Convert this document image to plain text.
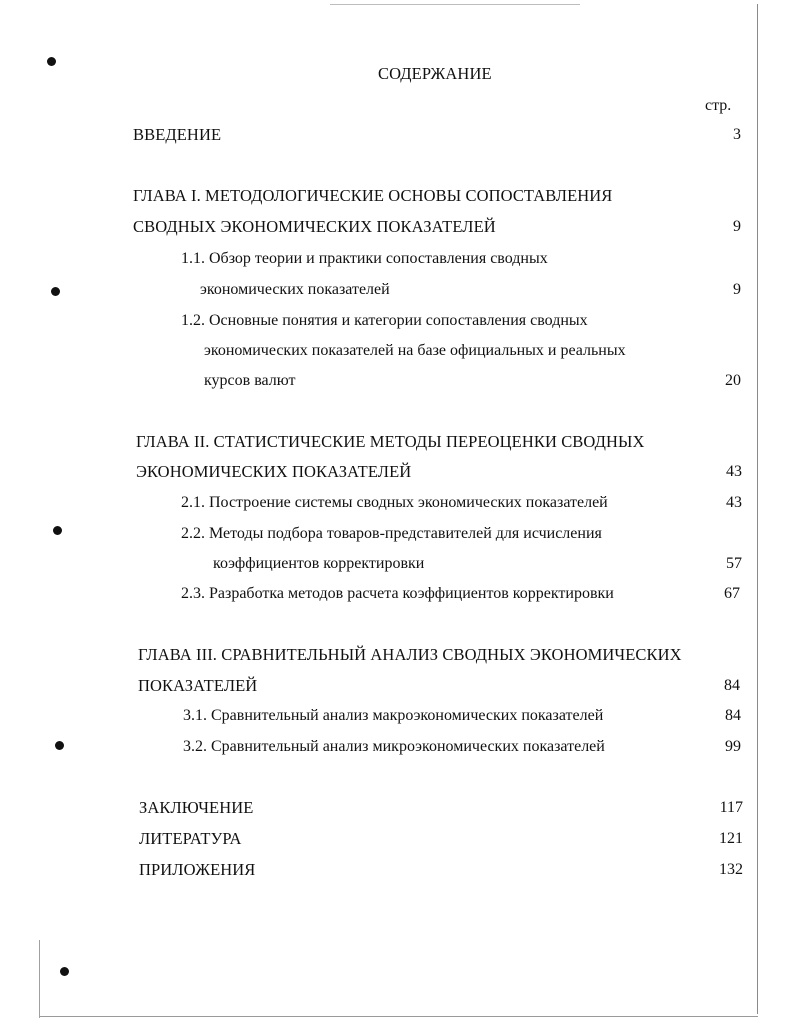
СОДЕРЖАНИЕ
стр.
ВВЕДЕНИЕ	3
ГЛАВА I. МЕТОДОЛОГИЧЕСКИЕ ОСНОВЫ СОПОСТАВЛЕНИЯ
СВОДНЫХ ЭКОНОМИЧЕСКИХ ПОКАЗАТЕЛЕЙ	9
1.1. Обзор теории и практики сопоставления сводных
экономических показателей	9
1.2. Основные понятия и категории сопоставления сводных
экономических показателей на базе официальных и реальных
курсов валют	20
ГЛАВА II. СТАТИСТИЧЕСКИЕ МЕТОДЫ ПЕРЕОЦЕНКИ СВОДНЫХ
ЭКОНОМИЧЕСКИХ ПОКАЗАТЕЛЕЙ	43
2.1. Построение системы сводных экономических показателей	43
2.2. Методы подбора товаров-представителей для исчисления
коэффициентов корректировки	57
2.3. Разработка методов расчета коэффициентов корректировки	67
ГЛАВА III. СРАВНИТЕЛЬНЫЙ АНАЛИЗ СВОДНЫХ ЭКОНОМИЧЕСКИХ
ПОКАЗАТЕЛЕЙ	84
3.1. Сравнительный анализ макроэкономических показателей	84
3.2. Сравнительный анализ микроэкономических показателей	99
ЗАКЛЮЧЕНИЕ	117
ЛИТЕРАТУРА	121
ПРИЛОЖЕНИЯ	132
